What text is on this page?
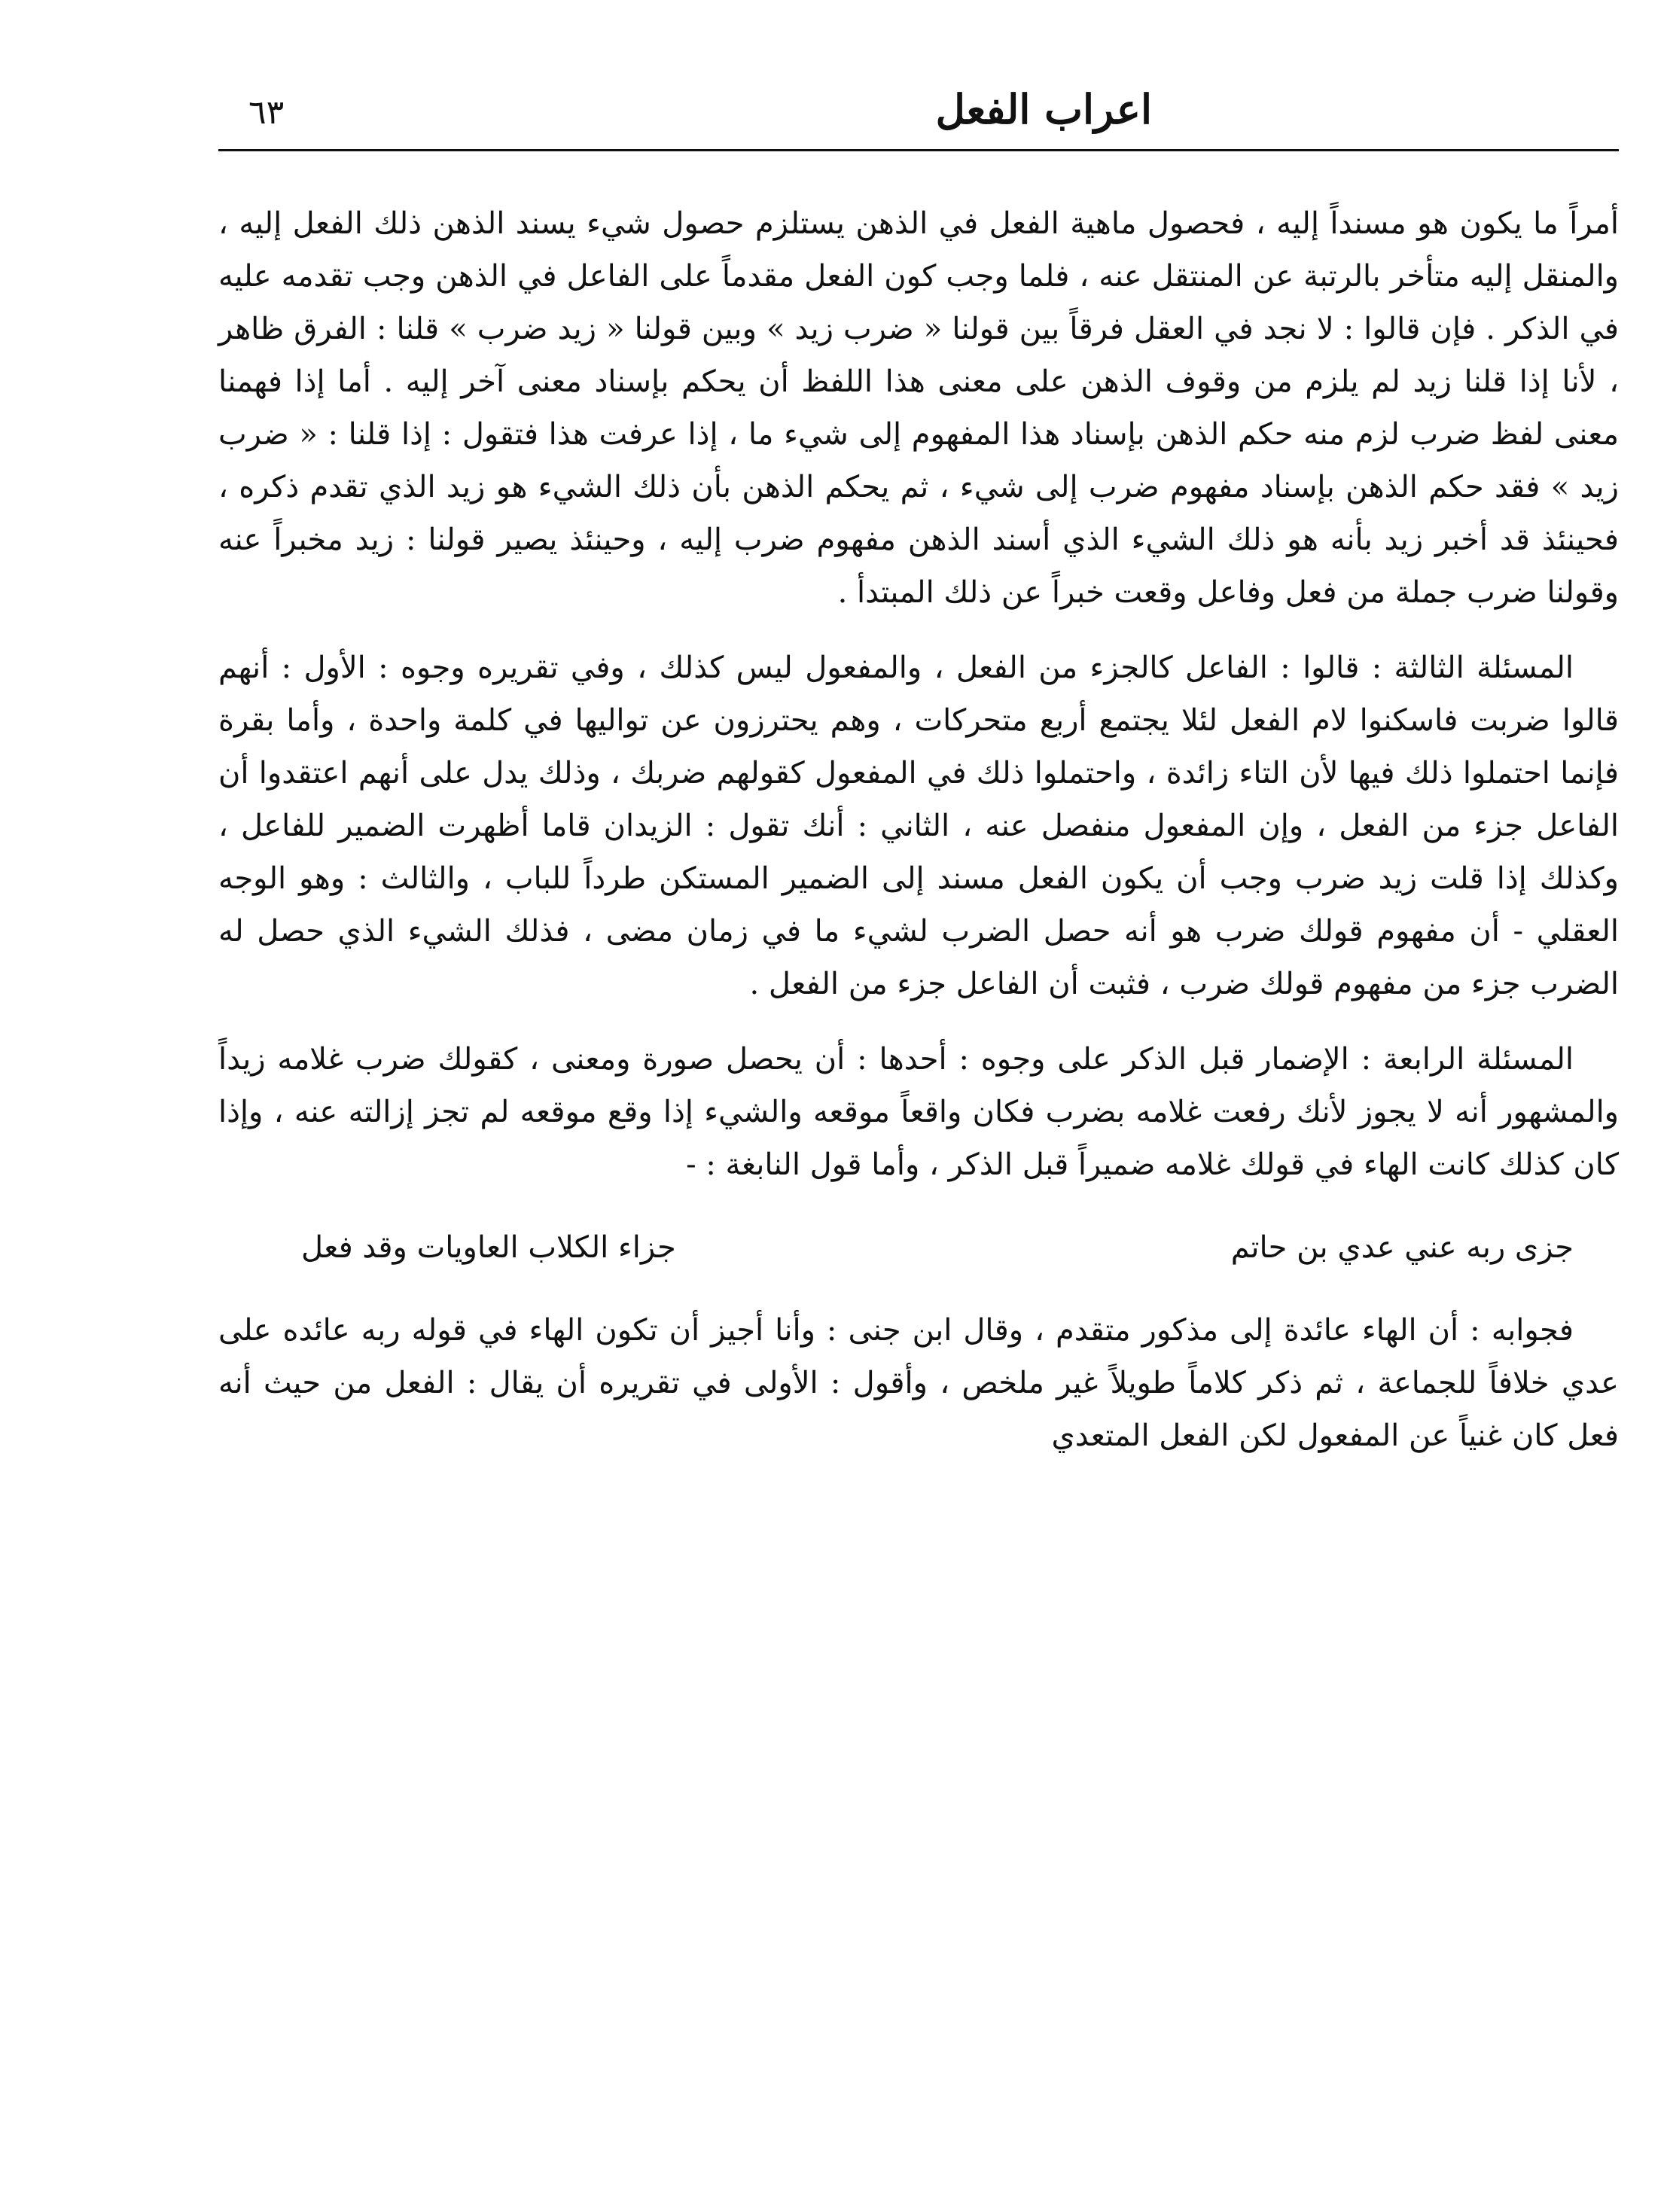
اعراب الفعل
٦٣

أمراً ما يكون هو مسنداً إليه ، فحصول ماهية الفعل في الذهن يستلزم حصول شيء يسند الذهن ذلك الفعل إليه ، والمنقل إليه متأخر بالرتبة عن المنتقل عنه ، فلما وجب كون الفعل مقدماً على الفاعل في الذهن وجب تقدمه عليه في الذكر . فإن قالوا : لا نجد في العقل فرقاً بين قولنا « ضرب زيد » وبين قولنا « زيد ضرب » قلنا : الفرق ظاهر ، لأنا إذا قلنا زيد لم يلزم من وقوف الذهن على معنى هذا اللفظ أن يحكم بإسناد معنى آخر إليه . أما إذا فهمنا معنى لفظ ضرب لزم منه حكم الذهن بإسناد هذا المفهوم إلى شيء ما ، إذا عرفت هذا فتقول : إذا قلنا : « ضرب زيد » فقد حكم الذهن بإسناد مفهوم ضرب إلى شيء ، ثم يحكم الذهن بأن ذلك الشيء هو زيد الذي تقدم ذكره ، فحينئذ قد أخبر زيد بأنه هو ذلك الشيء الذي أسند الذهن مفهوم ضرب إليه ، وحينئذ يصير قولنا : زيد مخبراً عنه وقولنا ضرب جملة من فعل وفاعل وقعت خبراً عن ذلك المبتدأ .

المسئلة الثالثة : قالوا : الفاعل كالجزء من الفعل ، والمفعول ليس كذلك ، وفي تقريره وجوه : الأول : أنهم قالوا ضربت فاسكنوا لام الفعل لئلا يجتمع أربع متحركات ، وهم يحترزون عن تواليها في كلمة واحدة ، وأما بقرة فإنما احتملوا ذلك فيها لأن التاء زائدة ، واحتملوا ذلك في المفعول كقولهم ضربك ، وذلك يدل على أنهم اعتقدوا أن الفاعل جزء من الفعل ، وإن المفعول منفصل عنه ، الثاني : أنك تقول : الزيدان قاما أظهرت الضمير للفاعل ، وكذلك إذا قلت زيد ضرب وجب أن يكون الفعل مسند إلى الضمير المستكن طرداً للباب ، والثالث : وهو الوجه العقلي - أن مفهوم قولك ضرب هو أنه حصل الضرب لشيء ما في زمان مضى ، فذلك الشيء الذي حصل له الضرب جزء من مفهوم قولك ضرب ، فثبت أن الفاعل جزء من الفعل .

المسئلة الرابعة : الإضمار قبل الذكر على وجوه : أحدها : أن يحصل صورة ومعنى ، كقولك ضرب غلامه زيداً والمشهور أنه لا يجوز لأنك رفعت غلامه بضرب فكان واقعاً موقعه والشيء إذا وقع موقعه لم تجز إزالته عنه ، وإذا كان كذلك كانت الهاء في قولك غلامه ضميراً قبل الذكر ، وأما قول النابغة : -

جزى ربه عني عدي بن حاتم
جزاء الكلاب العاويات وقد فعل

فجوابه : أن الهاء عائدة إلى مذكور متقدم ، وقال ابن جنى : وأنا أجيز أن تكون الهاء في قوله ربه عائده على عدي خلافاً للجماعة ، ثم ذكر كلاماً طويلاً غير ملخص ، وأقول : الأولى في تقريره أن يقال : الفعل من حيث أنه فعل كان غنياً عن المفعول لكن الفعل المتعدي
